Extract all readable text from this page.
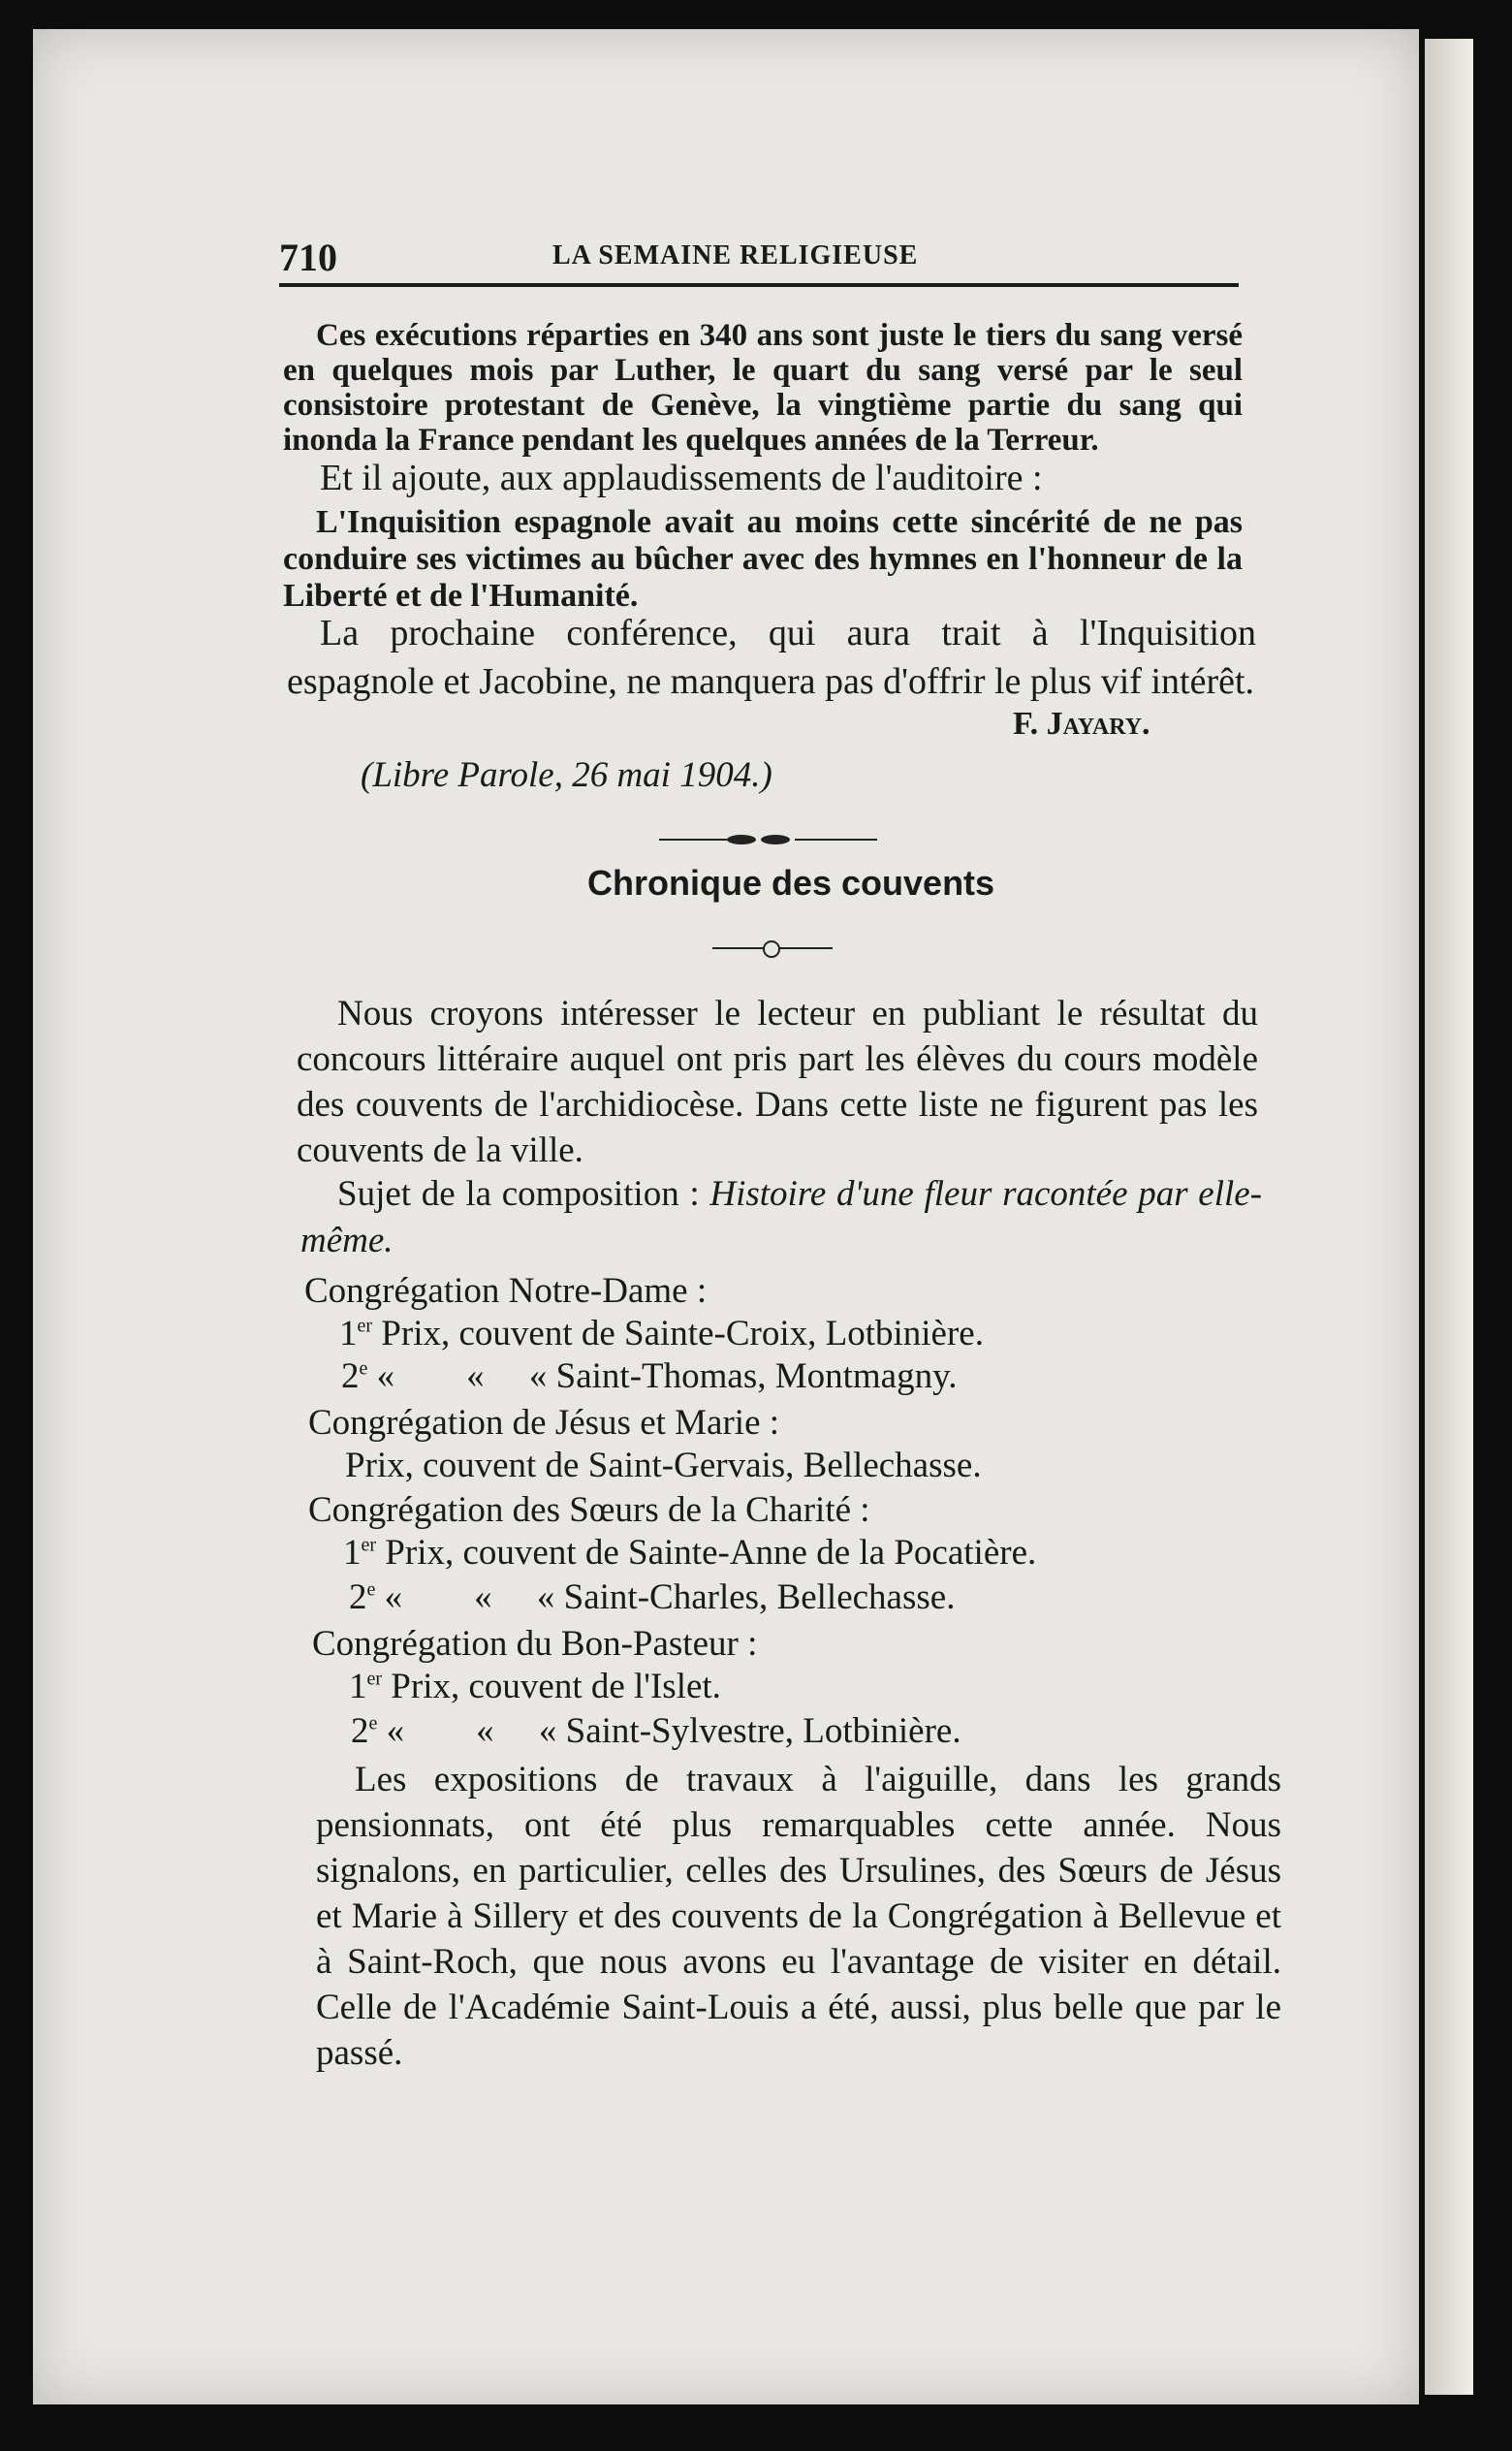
710	LA SEMAINE RELIGIEUSE
Ces exécutions réparties en 340 ans sont juste le tiers du sang versé en quelques mois par Luther, le quart du sang versé par le seul consistoire protestant de Genève, la vingtième partie du sang qui inonda la France pendant les quelques années de la Terreur.
Et il ajoute, aux applaudissements de l'auditoire :
L'Inquisition espagnole avait au moins cette sincérité de ne pas conduire ses victimes au bûcher avec des hymnes en l'honneur de la Liberté et de l'Humanité.
La prochaine conférence, qui aura trait à l'Inquisition espagnole et Jacobine, ne manquera pas d'offrir le plus vif intérêt.
F. Jayary.
(Libre Parole, 26 mai 1904.)
Chronique des couvents
Nous croyons intéresser le lecteur en publiant le résultat du concours littéraire auquel ont pris part les élèves du cours modèle des couvents de l'archidiocèse. Dans cette liste ne figurent pas les couvents de la ville.
Sujet de la composition : Histoire d'une fleur racontée par elle-même.
Congrégation Notre-Dame :
1er Prix, couvent de Sainte-Croix, Lotbinière.
2e «        «     « Saint-Thomas, Montmagny.
Congrégation de Jésus et Marie :
Prix, couvent de Saint-Gervais, Bellechasse.
Congrégation des Sœurs de la Charité :
1er Prix, couvent de Sainte-Anne de la Pocatière.
2e «        «     « Saint-Charles, Bellechasse.
Congrégation du Bon-Pasteur :
1er Prix, couvent de l'Islet.
2e «        «     « Saint-Sylvestre, Lotbinière.
Les expositions de travaux à l'aiguille, dans les grands pensionnats, ont été plus remarquables cette année. Nous signalons, en particulier, celles des Ursulines, des Sœurs de Jésus et Marie à Sillery et des couvents de la Congrégation à Bellevue et à Saint-Roch, que nous avons eu l'avantage de visiter en détail. Celle de l'Académie Saint-Louis a été, aussi, plus belle que par le passé.
